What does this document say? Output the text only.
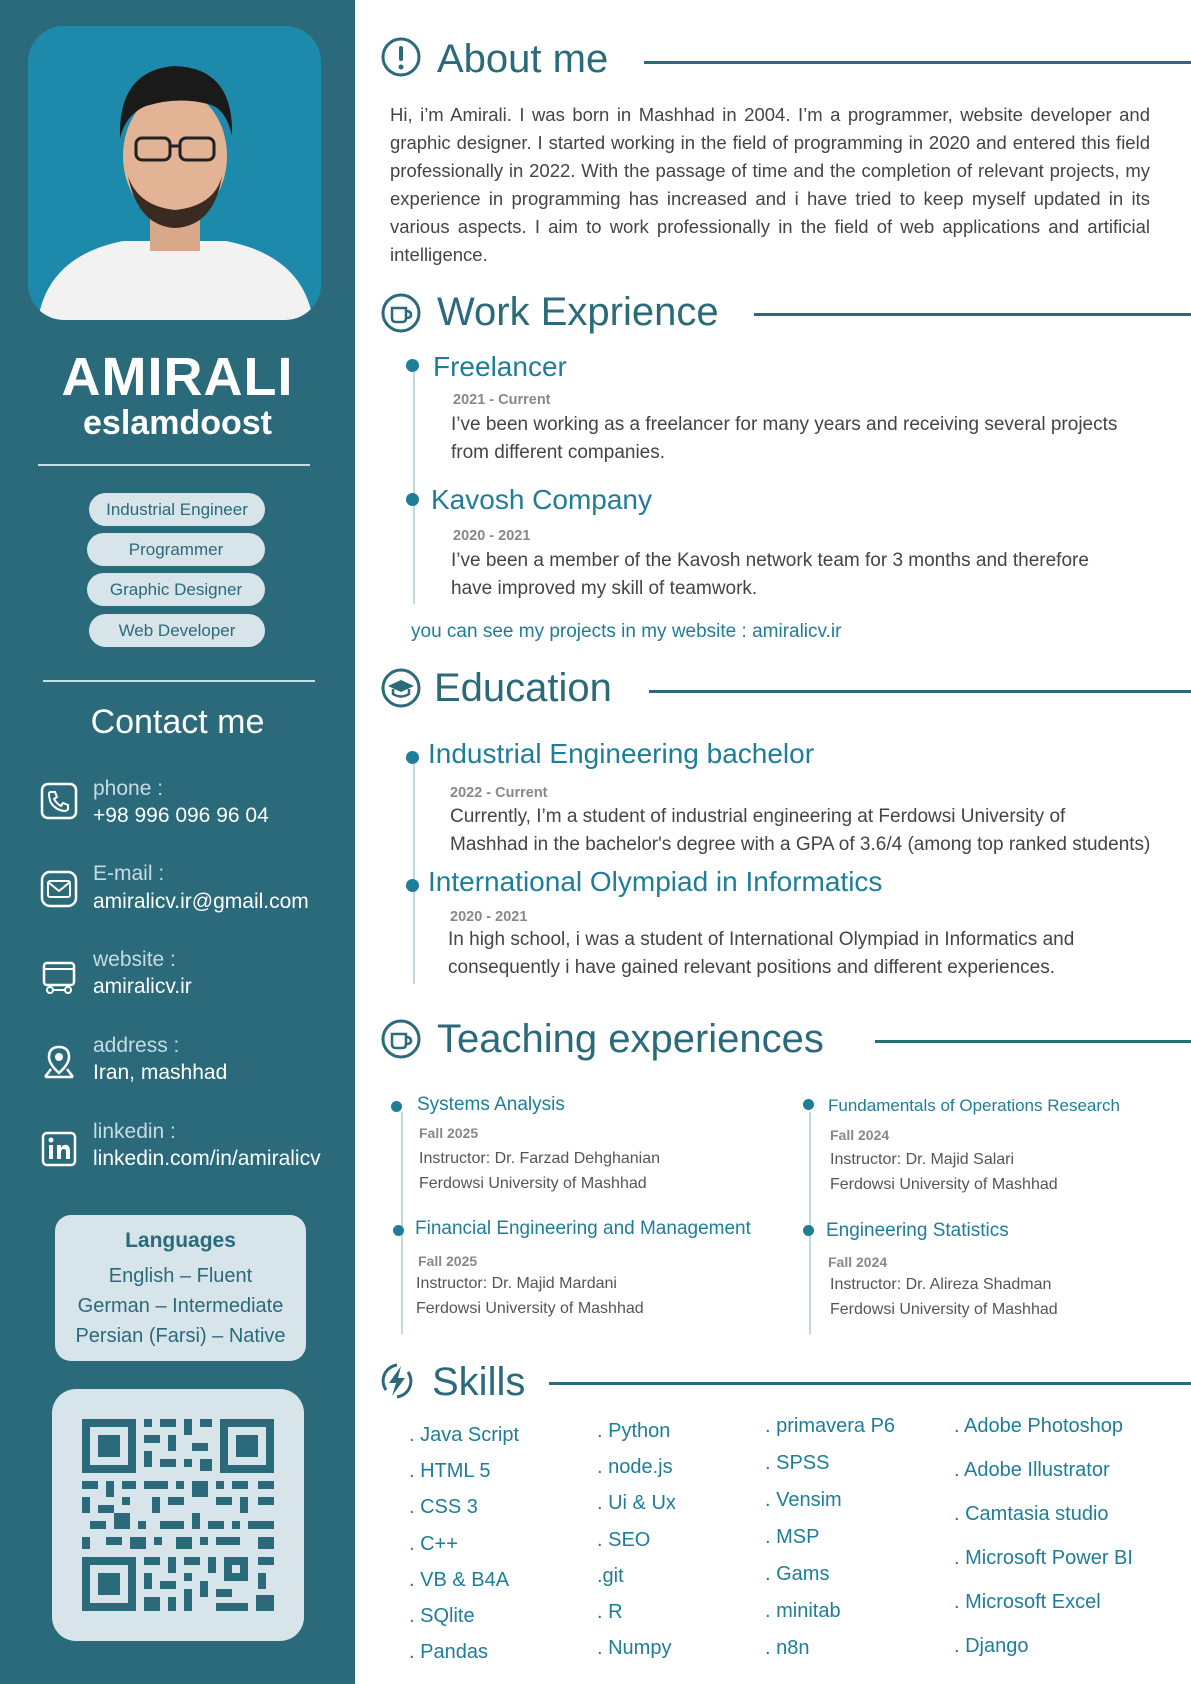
AMIRALI
eslamdoost
Industrial Engineer
Programmer
Graphic Designer
Web Developer
Contact me
phone :
+98 996 096 96 04
E-mail :
amiralicv.ir@gmail.com
website :
amiralicv.ir
address :
Iran, mashhad
linkedin :
linkedin.com/in/amiralicv
Languages
English – Fluent
German – Intermediate
Persian (Farsi) – Native
About me
Hi, i’m Amirali. I was born in Mashhad in 2004. I’m a programmer, website developer and graphic designer. I started working in the field of programming in 2020 and entered this field professionally in 2022. With the passage of time and the completion of relevant projects, my experience in programming has increased and i have tried to keep myself updated in its various aspects. I aim to work professionally in the field of web applications and artificial intelligence.
Work Exprience
Freelancer
2021 - Current
I’ve been working as a freelancer for many years and receiving several projects
from different companies.
Kavosh Company
2020 - 2021
I’ve been a member of the Kavosh network team for 3 months and therefore
have improved my skill of teamwork.
you can see my projects in my website : amiralicv.ir
Education
Industrial Engineering bachelor
2022 - Current
Currently, I’m a student of industrial engineering at Ferdowsi University of
Mashhad in the bachelor's degree with a GPA of 3.6/4 (among top ranked students)
International Olympiad in Informatics
2020 - 2021
In high school, i was a student of International Olympiad in Informatics and
consequently i have gained relevant positions and different experiences.
Teaching experiences
Systems Analysis
Fall 2025
Instructor: Dr. Farzad Dehghanian
Ferdowsi University of Mashhad
Fundamentals of Operations Research
Fall 2024
Instructor: Dr. Majid Salari
Ferdowsi University of Mashhad
Financial Engineering and Management
Fall 2025
Instructor: Dr. Majid Mardani
Ferdowsi University of Mashhad
Engineering Statistics
Fall 2024
Instructor: Dr. Alireza Shadman
Ferdowsi University of Mashhad
Skills
. Java Script
. HTML 5
. CSS 3
. C++
. VB & B4A
. SQlite
. Pandas
. Python
. node.js
. Ui & Ux
. SEO
.git
. R
. Numpy
. primavera P6
. SPSS
. Vensim
. MSP
. Gams
. minitab
. n8n
. Adobe Photoshop
. Adobe Illustrator
. Camtasia studio
. Microsoft Power BI
. Microsoft Excel
. Django
